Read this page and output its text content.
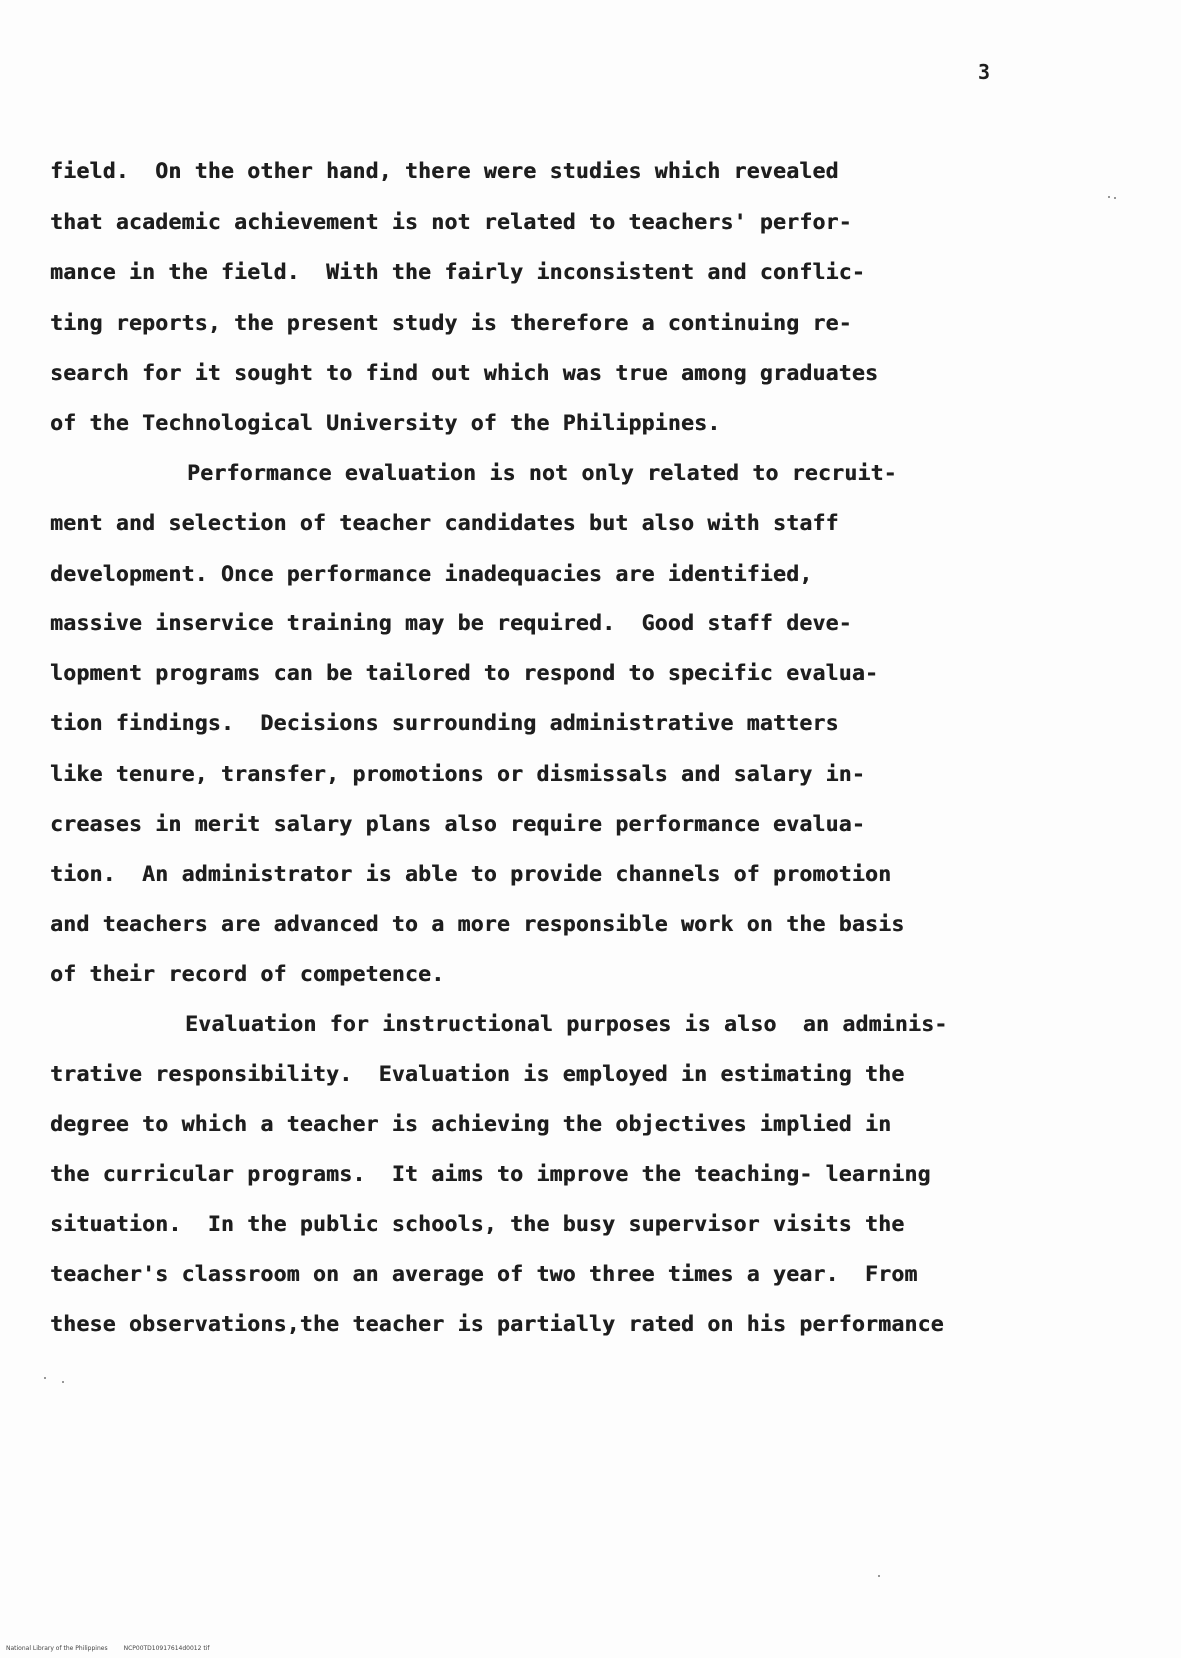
3
field.  On the other hand, there were studies which revealed
that academic achievement is not related to teachers' perfor-
mance in the field.  With the fairly inconsistent and conflic-
ting reports, the present study is therefore a continuing re-
search for it sought to find out which was true among graduates
of the Technological University of the Philippines.
Performance evaluation is not only related to recruit-
ment and selection of teacher candidates but also with staff
development. Once performance inadequacies are identified,
massive inservice training may be required.  Good staff deve-
lopment programs can be tailored to respond to specific evalua-
tion findings.  Decisions surrounding administrative matters
like tenure, transfer, promotions or dismissals and salary in-
creases in merit salary plans also require performance evalua-
tion.  An administrator is able to provide channels of promotion
and teachers are advanced to a more responsible work on the basis
of their record of competence.
Evaluation for instructional purposes is also  an adminis-
trative responsibility.  Evaluation is employed in estimating the
degree to which a teacher is achieving the objectives implied in
the curricular programs.  It aims to improve the teaching- learning
situation.  In the public schools, the busy supervisor visits the
teacher's classroom on an average of two three times a year.  From
these observations,the teacher is partially rated on his performance
National Library of the Philippines	NCP00TD10917614d0012 tif
